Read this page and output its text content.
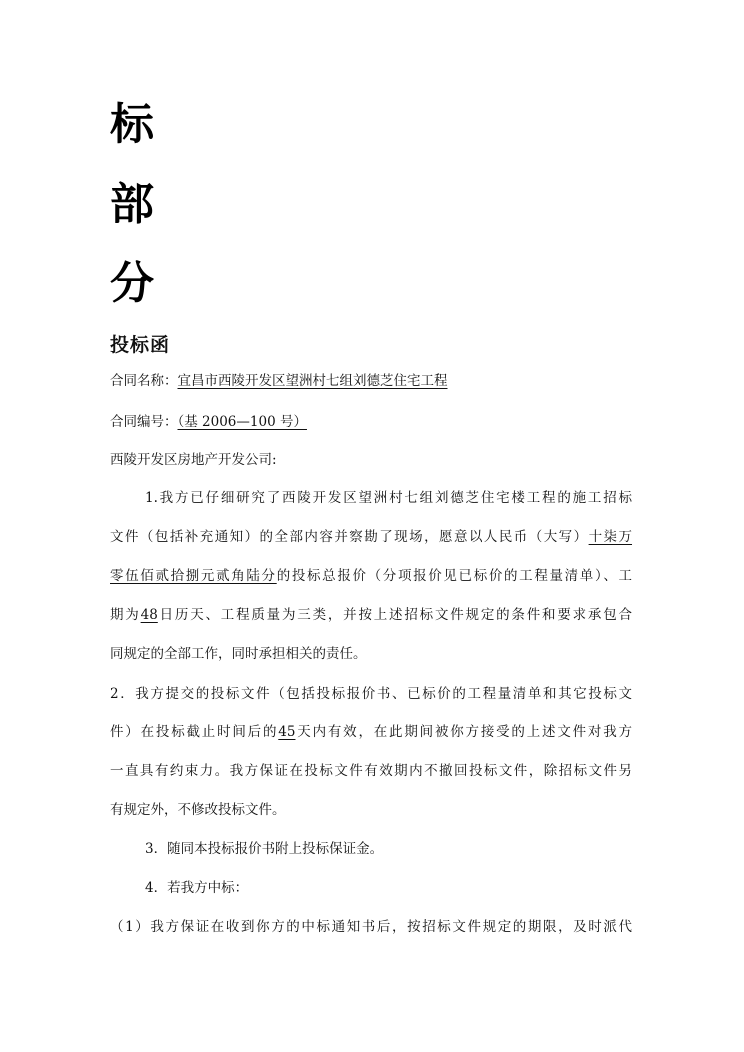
标
部
分
投标函
合同名称：宜昌市西陵开发区望洲村七组刘德芝住宅工程
合同编号：（基 2006—100 号）
西陵开发区房地产开发公司:
1.我方已仔细研究了西陵开发区望洲村七组刘德芝住宅楼工程的施工招标
文件（包括补充通知）的全部内容并察勘了现场，愿意以人民币（大写）十柒万
零伍佰贰拾捌元贰角陆分的投标总报价（分项报价见已标价的工程量清单）、工
期为48日历天、工程质量为三类，并按上述招标文件规定的条件和要求承包合
同规定的全部工作，同时承担相关的责任。
2．我方提交的投标文件（包括投标报价书、已标价的工程量清单和其它投标文
件）在投标截止时间后的45天内有效，在此期间被你方接受的上述文件对我方
一直具有约束力。我方保证在投标文件有效期内不撤回投标文件，除招标文件另
有规定外，不修改投标文件。
3．随同本投标报价书附上投标保证金。
4．若我方中标：
（1）我方保证在收到你方的中标通知书后，按招标文件规定的期限，及时派代
